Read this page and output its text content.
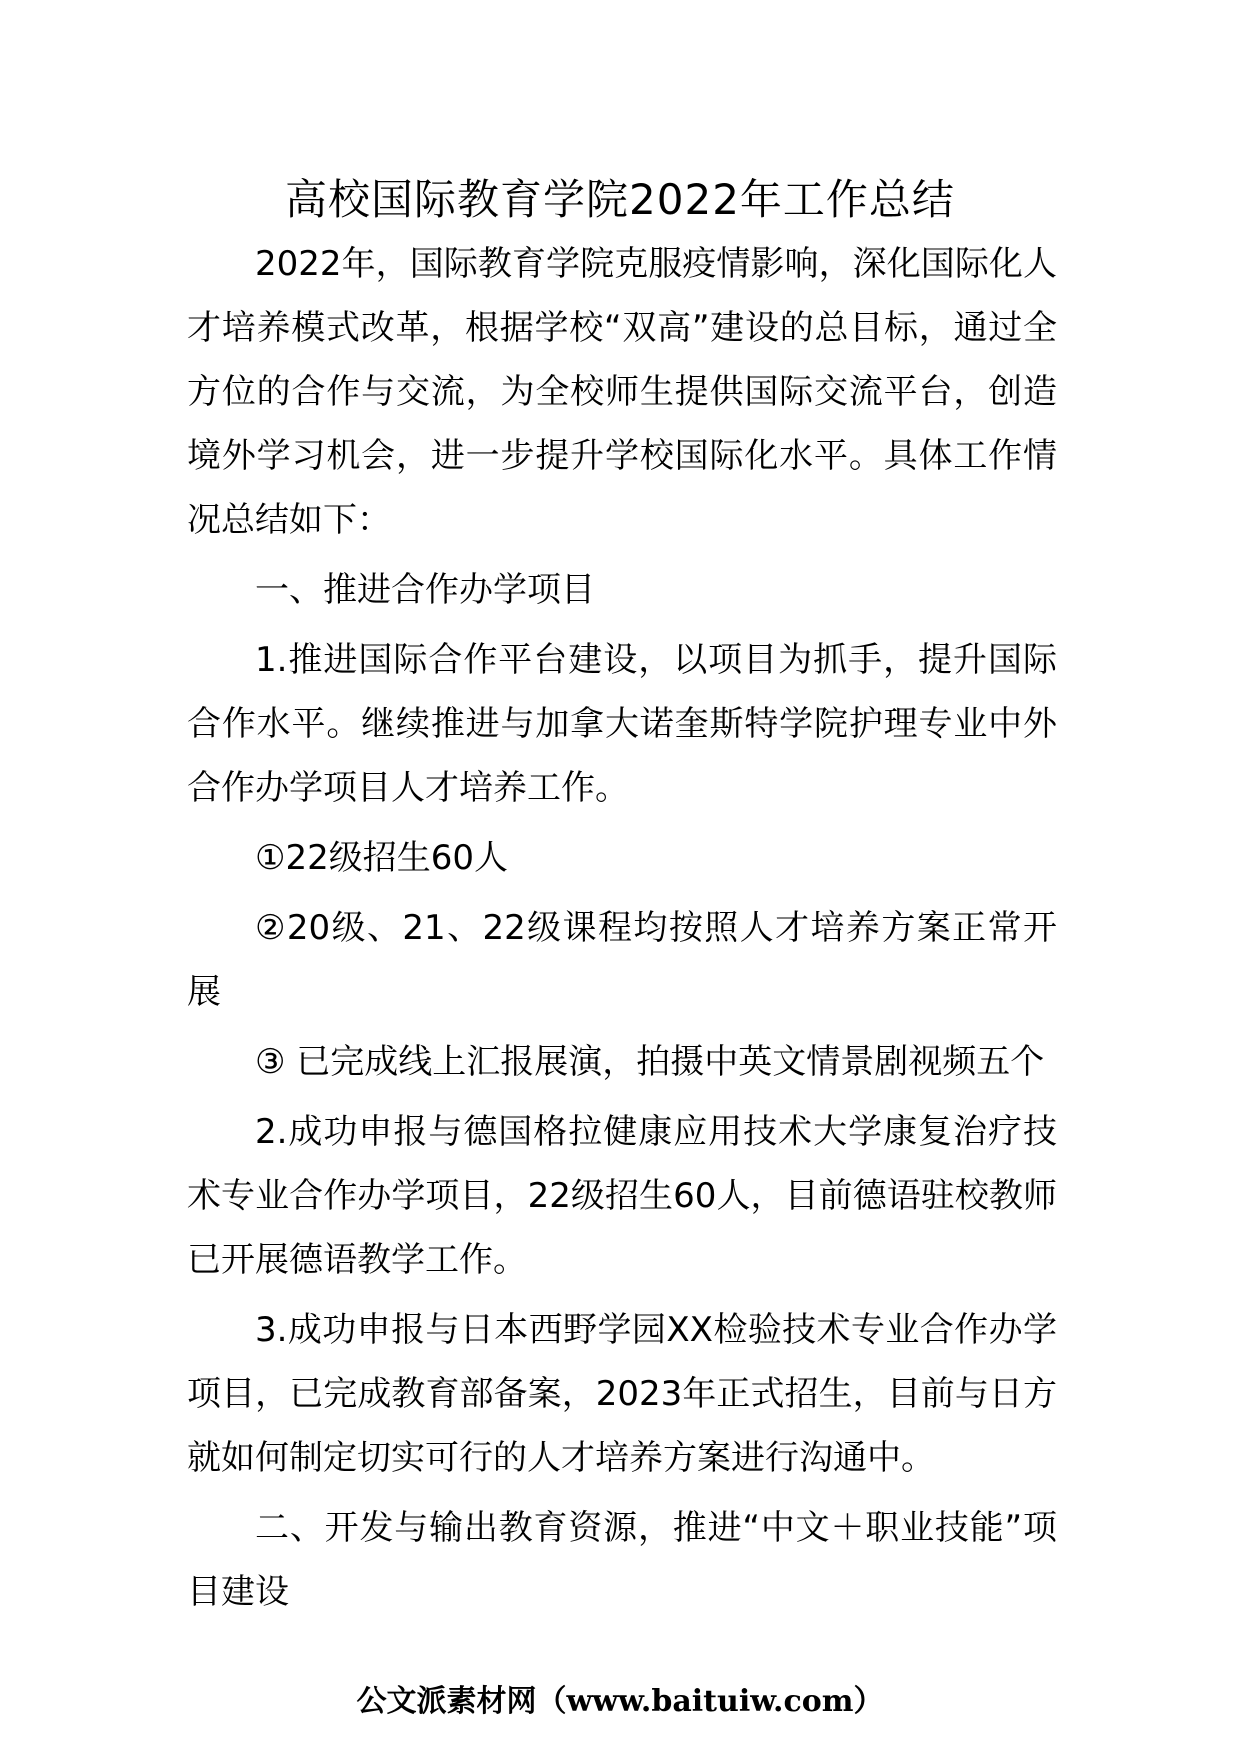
高校国际教育学院2022年工作总结

2022年，国际教育学院克服疫情影响，深化国际化人才培养模式改革，根据学校“双高”建设的总目标，通过全方位的合作与交流，为全校师生提供国际交流平台，创造境外学习机会，进一步提升学校国际化水平。具体工作情况总结如下：

一、推进合作办学项目

1.推进国际合作平台建设，以项目为抓手，提升国际合作水平。继续推进与加拿大诺奎斯特学院护理专业中外合作办学项目人才培养工作。

①22级招生60人

②20级、21、22级课程均按照人才培养方案正常开展

③ 已完成线上汇报展演，拍摄中英文情景剧视频五个

2.成功申报与德国格拉健康应用技术大学康复治疗技术专业合作办学项目，22级招生60人，目前德语驻校教师已开展德语教学工作。

3.成功申报与日本西野学园XX检验技术专业合作办学项目，已完成教育部备案，2023年正式招生，目前与日方就如何制定切实可行的人才培养方案进行沟通中。

二、开发与输出教育资源，推进“中文＋职业技能”项目建设

公文派素材网（www.baituiw.com）
